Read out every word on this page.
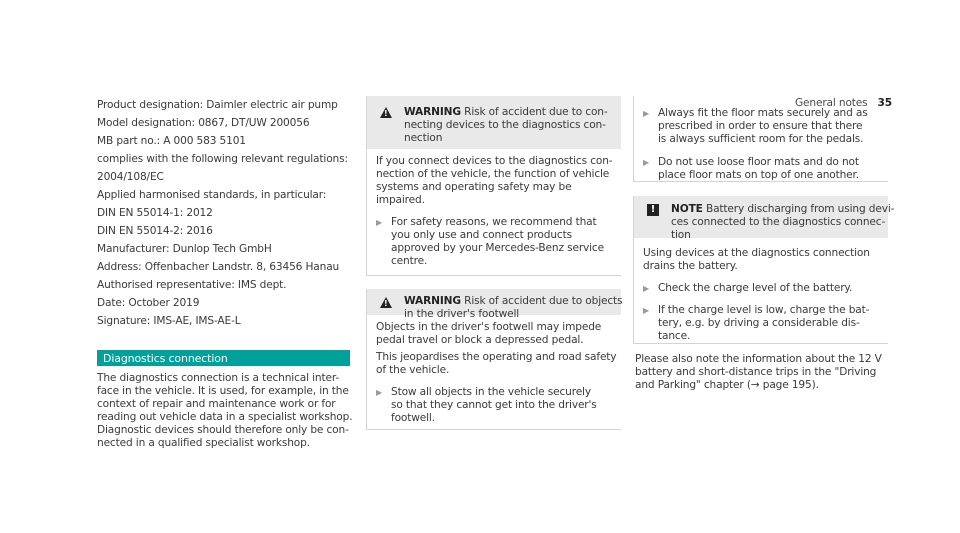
General notes 35
Product designation: Daimler electric air pump
Model designation: 0867, DT/UW 200056
MB part no.: A 000 583 5101
complies with the following relevant regulations:
2004/108/EC
Applied harmonised standards, in particular:
DIN EN 55014-1: 2012
DIN EN 55014-2: 2016
Manufacturer: Dunlop Tech GmbH
Address: Offenbacher Landstr. 8, 63456 Hanau
Authorised representative: IMS dept.
Date: October 2019
Signature: IMS-AE, IMS-AE-L
Diagnostics connection
The diagnostics connection is a technical inter-
face in the vehicle. It is used, for example, in the
context of repair and maintenance work or for
reading out vehicle data in a specialist workshop.
Diagnostic devices should therefore only be con-
nected in a qualified specialist workshop.
!
WARNING Risk of accident due to con-
necting devices to the diagnostics con-
nection
If you connect devices to the diagnostics con-
nection of the vehicle, the function of vehicle
systems and operating safety may be
impaired.
▶ For safety reasons, we recommend that
you only use and connect products
approved by your Mercedes-Benz service
centre.
!
WARNING Risk of accident due to objects
in the driver's footwell
Objects in the driver's footwell may impede
pedal travel or block a depressed pedal.
This jeopardises the operating and road safety
of the vehicle.
▶ Stow all objects in the vehicle securely
so that they cannot get into the driver's
footwell.
▶ Always fit the floor mats securely and as
prescribed in order to ensure that there
is always sufficient room for the pedals.
▶ Do not use loose floor mats and do not
place floor mats on top of one another.
!	NOTE Battery discharging from using devi-
ces connected to the diagnostics connec-
tion
Using devices at the diagnostics connection
drains the battery.
▶ Check the charge level of the battery.
▶ If the charge level is low, charge the bat-
tery, e.g. by driving a considerable dis-
tance.
Please also note the information about the 12 V
battery and short-distance trips in the "Driving
and Parking" chapter (→ page 195).
